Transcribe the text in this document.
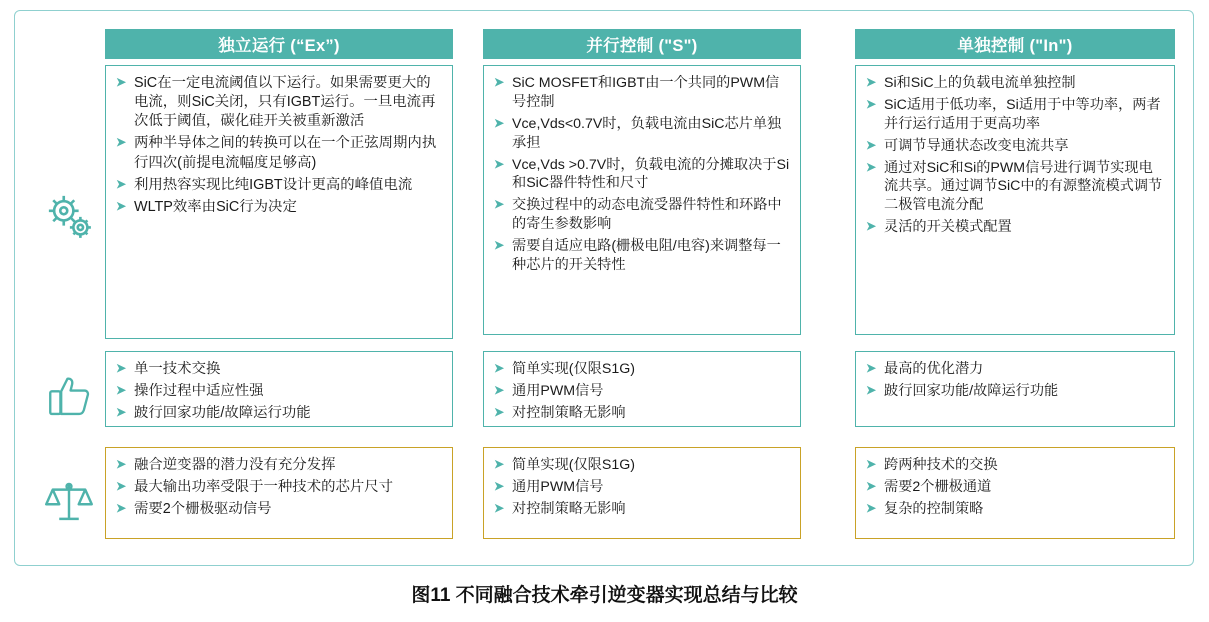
独立运行 (“Ex”)
➤ SiC在一定电流阈值以下运行。如果需要更大的电流，则SiC关闭，只有IGBT运行。一旦电流再次低于阈值，碳化硅开关被重新激活
➤ 两种半导体之间的转换可以在一个正弦周期内执行四次(前提电流幅度足够高)
➤ 利用热容实现比纯IGBT设计更高的峰值电流
➤ WLTP效率由SiC行为决定
➤ 单一技术交换
➤ 操作过程中适应性强
➤ 跛行回家功能/故障运行功能
➤ 融合逆变器的潜力没有充分发挥
➤ 最大输出功率受限于一种技术的芯片尺寸
➤ 需要2个栅极驱动信号
并行控制 ("S")
➤ SiC MOSFET和IGBT由一个共同的PWM信号控制
➤ Vce,Vds<0.7V时，负载电流由SiC芯片单独承担
➤ Vce,Vds >0.7V时，负载电流的分摊取决于Si和SiC器件特性和尺寸
➤ 交换过程中的动态电流受器件特性和环路中的寄生参数影响
➤ 需要自适应电路(栅极电阻/电容)来调整每一种芯片的开关特性
➤ 简单实现(仅限S1G)
➤ 通用PWM信号
➤ 对控制策略无影响
➤ 简单实现(仅限S1G)
➤ 通用PWM信号
➤ 对控制策略无影响
单独控制 ("In")
➤ Si和SiC上的负载电流单独控制
➤ SiC适用于低功率，Si适用于中等功率，两者并行运行适用于更高功率
➤ 可调节导通状态改变电流共享
➤ 通过对SiC和Si的PWM信号进行调节实现电流共享。通过调节SiC中的有源整流模式调节二极管电流分配
➤ 灵活的开关模式配置
➤ 最高的优化潜力
➤ 跛行回家功能/故障运行功能
➤ 跨两种技术的交换
➤ 需要2个栅极通道
➤ 复杂的控制策略
图11 不同融合技术牵引逆变器实现总结与比较
